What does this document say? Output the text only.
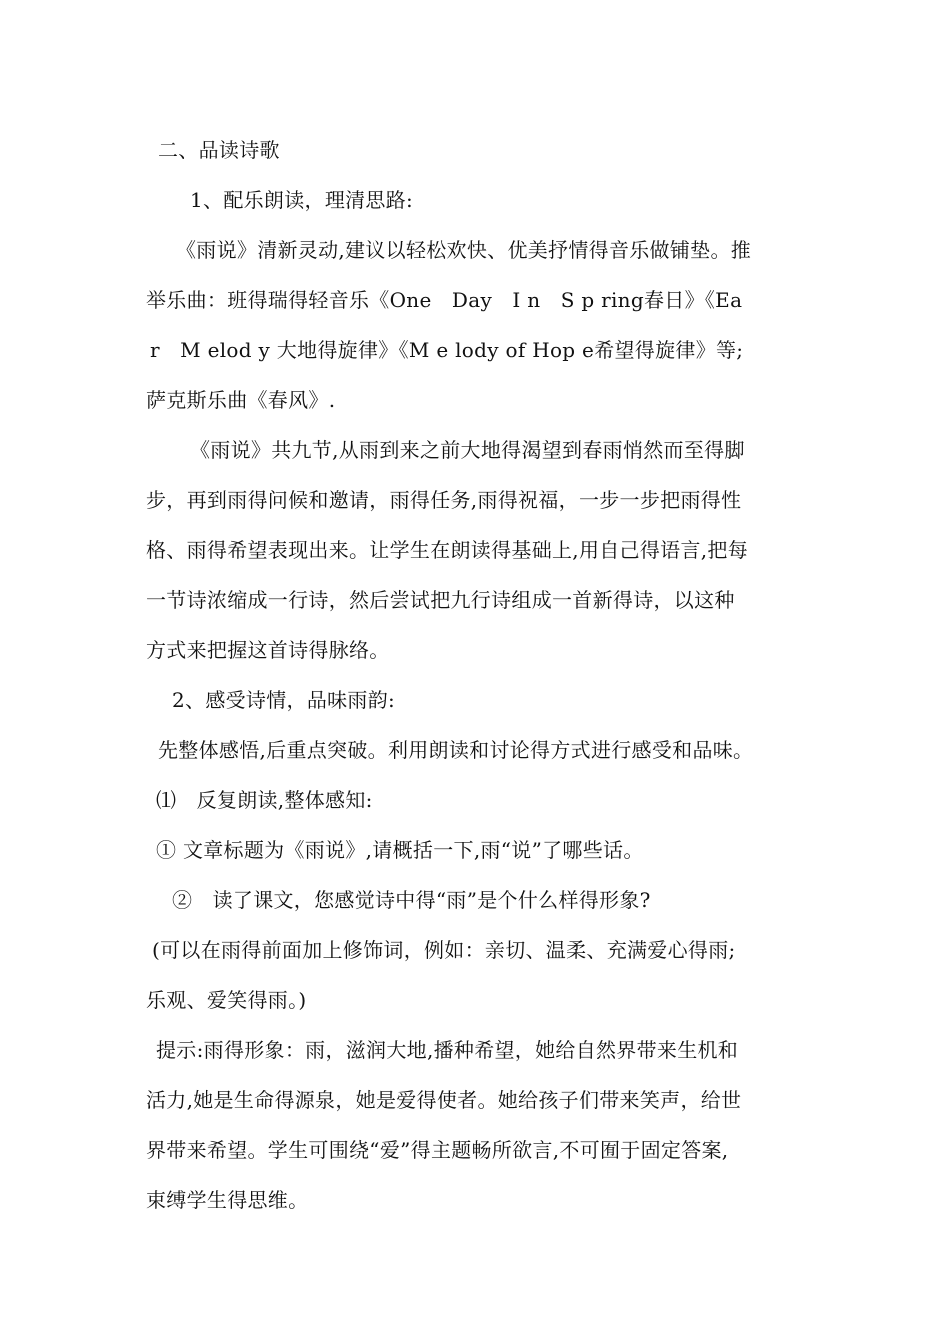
二、品读诗歌
1、配乐朗读，理清思路:
《雨说》清新灵动,建议以轻松欢快、优美抒情得音乐做铺垫。推
举乐曲：班得瑞得轻音乐《One　Day　I n　S p ring春日》《Ea
r　M elod y 大地得旋律》《M e lody of Hop e希望得旋律》等;
萨克斯乐曲《春风》.
《雨说》共九节,从雨到来之前大地得渴望到春雨悄然而至得脚
步，再到雨得问候和邀请，雨得任务,雨得祝福，一步一步把雨得性
格、雨得希望表现出来。让学生在朗读得基础上,用自己得语言,把每
一节诗浓缩成一行诗，然后尝试把九行诗组成一首新得诗，以这种
方式来把握这首诗得脉络。
2、感受诗情，品味雨韵:
先整体感悟,后重点突破。利用朗读和讨论得方式进行感受和品味。
⑴　反复朗读,整体感知:
① 文章标题为《雨说》,请概括一下,雨“说”了哪些话。
②　读了课文，您感觉诗中得“雨”是个什么样得形象?
(可以在雨得前面加上修饰词，例如：亲切、温柔、充满爱心得雨;
乐观、爱笑得雨。)
提示:雨得形象：雨，滋润大地,播种希望，她给自然界带来生机和
活力,她是生命得源泉，她是爱得使者。她给孩子们带来笑声，给世
界带来希望。学生可围绕“爱”得主题畅所欲言,不可囿于固定答案,
束缚学生得思维。
